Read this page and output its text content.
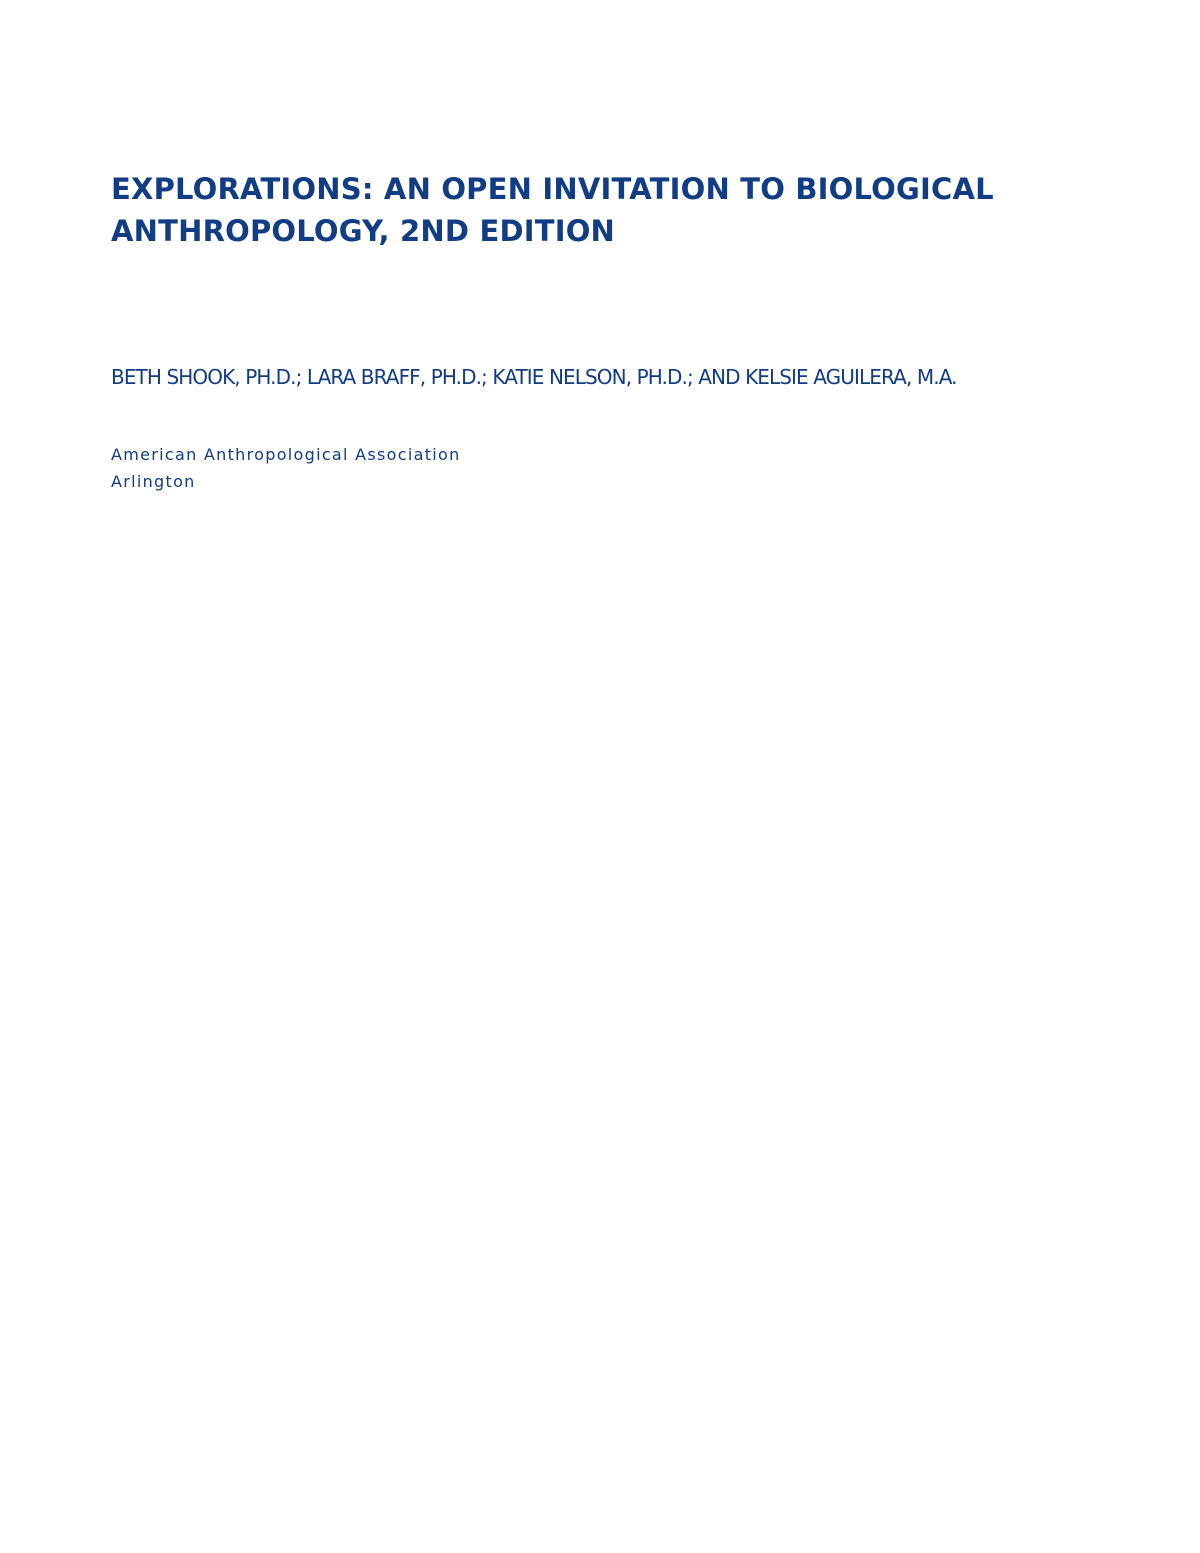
EXPLORATIONS: AN OPEN INVITATION TO BIOLOGICAL ANTHROPOLOGY, 2ND EDITION

BETH SHOOK, PH.D.; LARA BRAFF, PH.D.; KATIE NELSON, PH.D.; AND KELSIE AGUILERA, M.A.

American Anthropological Association
Arlington
